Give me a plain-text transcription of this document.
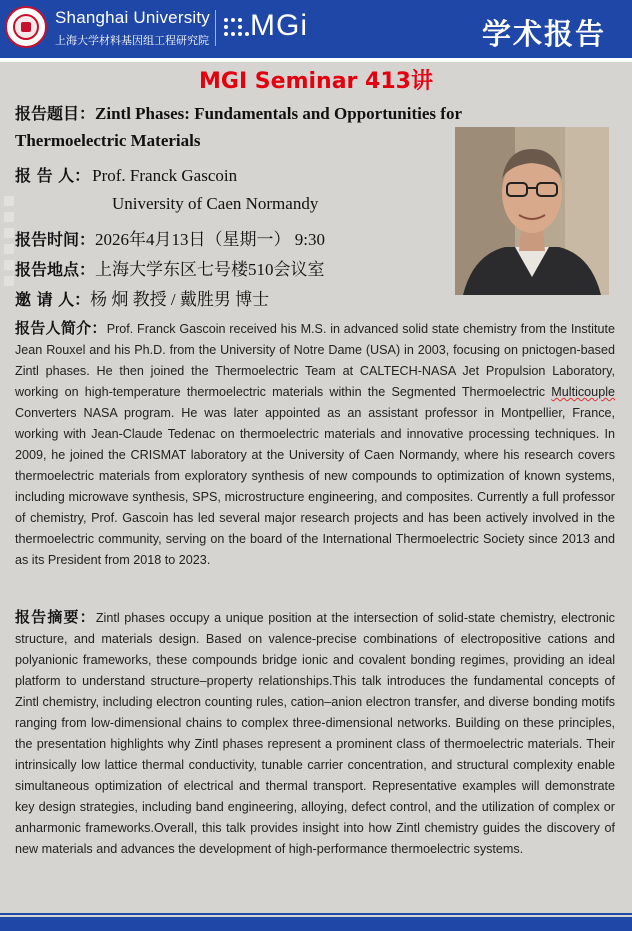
Shanghai University
上海大学材料基因组工程研究院 MGi	学术报告
MGI Seminar 413讲
报告题目：Zintl Phases: Fundamentals and Opportunities for
Thermoelectric Materials
报 告 人： Prof. Franck Gascoin
University of Caen Normandy
报告时间：2026年4月13日（星期一） 9:30
报告地点：上海大学东区七号楼510会议室
邀 请 人：杨 炯 教授 / 戴胜男 博士
报告人简介：Prof. Franck Gascoin received his M.S. in advanced solid state chemistry from the Institute Jean Rouxel and his Ph.D. from the University of Notre Dame (USA) in 2003, focusing on pnictogen-based Zintl phases. He then joined the Thermoelectric Team at CALTECH-NASA Jet Propulsion Laboratory, working on high-temperature thermoelectric materials within the Segmented Thermoelectric Multicouple Converters NASA program. He was later appointed as an assistant professor in Montpellier, France, working with Jean-Claude Tedenac on thermoelectric materials and innovative processing techniques. In 2009, he joined the CRISMAT laboratory at the University of Caen Normandy, where his research covers thermoelectric materials from exploratory synthesis of new compounds to optimization of known systems, including microwave synthesis, SPS, microstructure engineering, and composites. Currently a full professor of chemistry, Prof. Gascoin has led several major research projects and has been actively involved in the thermoelectric community, serving on the board of the International Thermoelectric Society since 2013 and as its President from 2018 to 2023.
报告摘要：Zintl phases occupy a unique position at the intersection of solid-state chemistry, electronic structure, and materials design. Based on valence-precise combinations of electropositive cations and polyanionic frameworks, these compounds bridge ionic and covalent bonding regimes, providing an ideal platform to understand structure–property relationships.This talk introduces the fundamental concepts of Zintl chemistry, including electron counting rules, cation–anion electron transfer, and diverse bonding motifs ranging from low-dimensional chains to complex three-dimensional networks. Building on these principles, the presentation highlights why Zintl phases represent a prominent class of thermoelectric materials. Their intrinsically low lattice thermal conductivity, tunable carrier concentration, and structural complexity enable simultaneous optimization of electrical and thermal transport. Representative examples will demonstrate key design strategies, including band engineering, alloying, defect control, and the utilization of complex or anharmonic frameworks.Overall, this talk provides insight into how Zintl chemistry guides the discovery of new materials and advances the development of high-performance thermoelectric systems.
